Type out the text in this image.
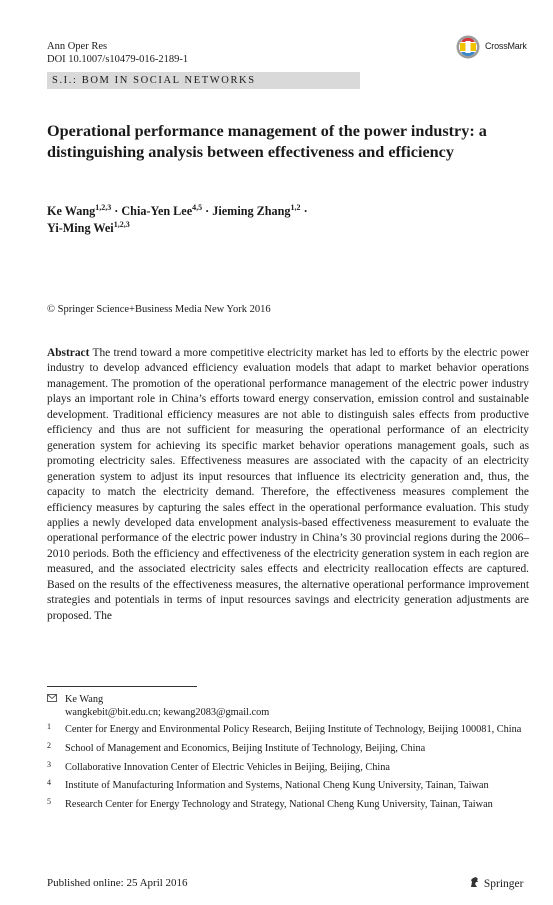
Ann Oper Res
DOI 10.1007/s10479-016-2189-1
CrossMark
S.I.: BOM IN SOCIAL NETWORKS
Operational performance management of the power industry: a distinguishing analysis between effectiveness and efficiency
Ke Wang$^{1,2,3}$ · Chia-Yen Lee$^{4,5}$ · Jieming Zhang$^{1,2}$ ·
Yi-Ming Wei$^{1,2,3}$
© Springer Science+Business Media New York 2016
Abstract The trend toward a more competitive electricity market has led to efforts by the electric power industry to develop advanced efficiency evaluation models that adapt to market behavior operations management. The promotion of the operational performance management of the electric power industry plays an important role in China’s efforts toward energy conservation, emission control and sustainable development. Traditional efficiency measures are not able to distinguish sales effects from productive efficiency and thus are not sufficient for measuring the operational performance of an electricity generation system for achieving its specific market behavior operations management goals, such as promoting electricity sales. Effectiveness measures are associated with the capacity of an electricity generation system to adjust its input resources that influence its electricity generation and, thus, the capacity to match the electricity demand. Therefore, the effectiveness measures complement the efficiency measures by capturing the sales effect in the operational performance evaluation. This study applies a newly developed data envelopment analysis-based effectiveness measurement to evaluate the operational performance of the electric power industry in China’s 30 provincial regions during the 2006–2010 periods. Both the efficiency and effectiveness of the electricity generation system in each region are measured, and the associated electricity sales effects and electricity reallocation effects are captured. Based on the results of the effectiveness measures, the alternative operational performance improvement strategies and potentials in terms of input resources savings and electricity generation adjustments are proposed. The
Ke Wang
wangkebit@bit.edu.cn; kewang2083@gmail.com
1 Center for Energy and Environmental Policy Research, Beijing Institute of Technology, Beijing 100081, China
2 School of Management and Economics, Beijing Institute of Technology, Beijing, China
3 Collaborative Innovation Center of Electric Vehicles in Beijing, Beijing, China
4 Institute of Manufacturing Information and Systems, National Cheng Kung University, Tainan, Taiwan
5 Research Center for Energy Technology and Strategy, National Cheng Kung University, Tainan, Taiwan
Published online: 25 April 2016	Springer
